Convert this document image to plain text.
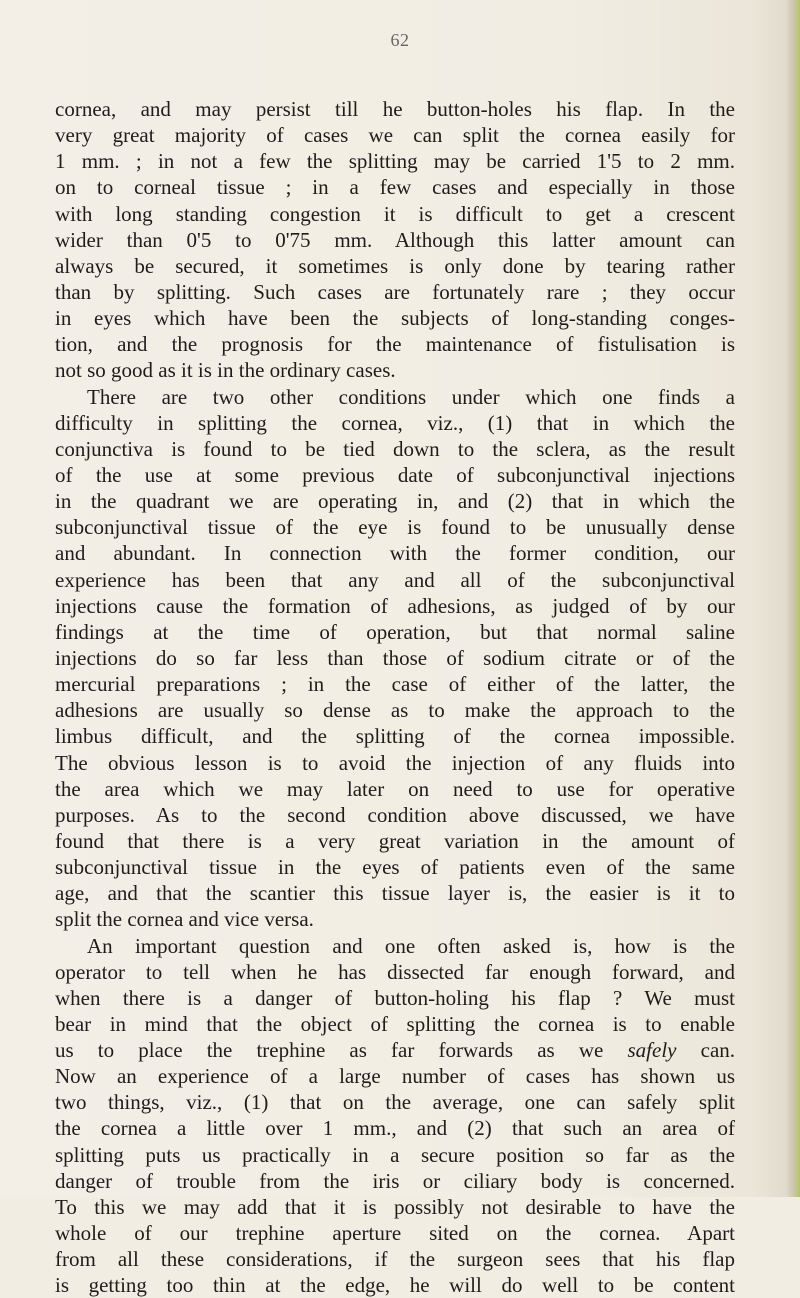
62
cornea, and may persist till he button-holes his flap. In the
very great majority of cases we can split the cornea easily for
1 mm. ; in not a few the splitting may be carried 1'5 to 2 mm.
on to corneal tissue ; in a few cases and especially in those
with long standing congestion it is difficult to get a crescent
wider than 0'5 to 0'75 mm. Although this latter amount can
always be secured, it sometimes is only done by tearing rather
than by splitting. Such cases are fortunately rare ; they occur
in eyes which have been the subjects of long-standing conges-
tion, and the prognosis for the maintenance of fistulisation is
not so good as it is in the ordinary cases.
There are two other conditions under which one finds a
difficulty in splitting the cornea, viz., (1) that in which the
conjunctiva is found to be tied down to the sclera, as the result
of the use at some previous date of subconjunctival injections
in the quadrant we are operating in, and (2) that in which the
subconjunctival tissue of the eye is found to be unusually dense
and abundant. In connection with the former condition, our
experience has been that any and all of the subconjunctival
injections cause the formation of adhesions, as judged of by our
findings at the time of operation, but that normal saline
injections do so far less than those of sodium citrate or of the
mercurial preparations ; in the case of either of the latter, the
adhesions are usually so dense as to make the approach to the
limbus difficult, and the splitting of the cornea impossible.
The obvious lesson is to avoid the injection of any fluids into
the area which we may later on need to use for operative
purposes. As to the second condition above discussed, we have
found that there is a very great variation in the amount of
subconjunctival tissue in the eyes of patients even of the same
age, and that the scantier this tissue layer is, the easier is it to
split the cornea and vice versa.
An important question and one often asked is, how is the
operator to tell when he has dissected far enough forward, and
when there is a danger of button-holing his flap ? We must
bear in mind that the object of splitting the cornea is to enable
us to place the trephine as far forwards as we safely can.
Now an experience of a large number of cases has shown us
two things, viz., (1) that on the average, one can safely split
the cornea a little over 1 mm., and (2) that such an area of
splitting puts us practically in a secure position so far as the
danger of trouble from the iris or ciliary body is concerned.
To this we may add that it is possibly not desirable to have the
whole of our trephine aperture sited on the cornea. Apart
from all these considerations, if the surgeon sees that his flap
is getting too thin at the edge, he will do well to be content
